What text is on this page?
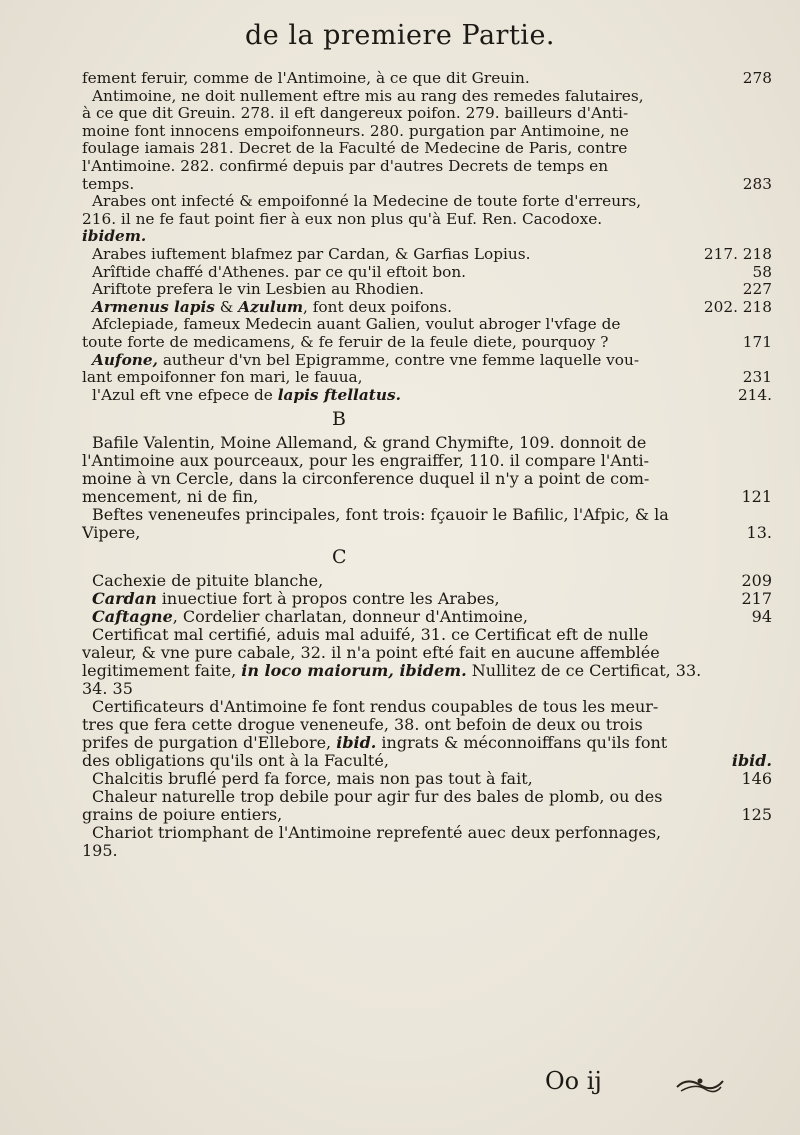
de la premiere Partie.

fement feruir, comme de l'Antimoine, à ce que dit Greuin.	278

Antimoine, ne doit nullement eftre mis au rang des remedes falutaires,

à ce que dit Greuin. 278. il eft dangereux poifon. 279. bailleurs d'Anti-

moine font innocens empoifonneurs. 280. purgation par Antimoine, ne

foulage iamais 281. Decret de la Faculté de Medecine de Paris, contre

l'Antimoine. 282. confirmé depuis par d'autres Decrets de temps en

temps.	283

Arabes ont infecté & empoifonné la Medecine de toute forte d'erreurs,

216. il ne fe faut point fier à eux non plus qu'à Euf. Ren. Cacodoxe.

ibidem.

Arabes iuftement blafmez par Cardan, & Garfias Lopius.	217. 218

Arîftide chaffé d'Athenes. par ce qu'il eftoit bon.	58

Ariftote prefera le vin Lesbien au Rhodien.	227

Armenus lapis & Azulum, font deux poifons.	202. 218

Afclepiade, fameux Medecin auant Galien, voulut abroger l'vfage de

toute forte de medicamens, & fe feruir de la feule diete, pourquoy ?	171

Aufone, autheur d'vn bel Epigramme, contre vne femme laquelle vou-

lant empoifonner fon mari, le fauua,	231

l'Azul eft vne efpece de lapis ftellatus.	214.

B

Bafile Valentin, Moine Allemand, & grand Chymifte, 109. donnoit de

l'Antimoine aux pourceaux, pour les engraiffer, 110. il compare l'Anti-

moine à vn Cercle, dans la circonference duquel il n'y a point de com-

mencement, ni de fin,	121

Beftes veneneufes principales, font trois: fçauoir le Bafilic, l'Afpic, & la

Vipere,	13.

C

Cachexie de pituite blanche,	209

Cardan inuectiue fort à propos contre les Arabes,	217

Caftagne, Cordelier charlatan, donneur d'Antimoine,	94

Certificat mal certifié, aduis mal aduifé, 31. ce Certificat eft de nulle

valeur, & vne pure cabale, 32. il n'a point efté fait en aucune affemblée

legitimement faite, in loco maiorum, ibidem. Nullitez de ce Certificat, 33.

34. 35

Certificateurs d'Antimoine fe font rendus coupables de tous les meur-

tres que fera cette drogue veneneufe, 38. ont befoin de deux ou trois

prifes de purgation d'Ellebore, ibid. ingrats & méconnoiffans qu'ils font

des obligations qu'ils ont à la Faculté,	ibid.

Chalcitis bruflé perd fa force, mais non pas tout à fait,	146

Chaleur naturelle trop debile pour agir fur des bales de plomb, ou des

grains de poiure entiers,	125

Chariot triomphant de l'Antimoine reprefenté auec deux perfonnages,

195.

Oo ij
